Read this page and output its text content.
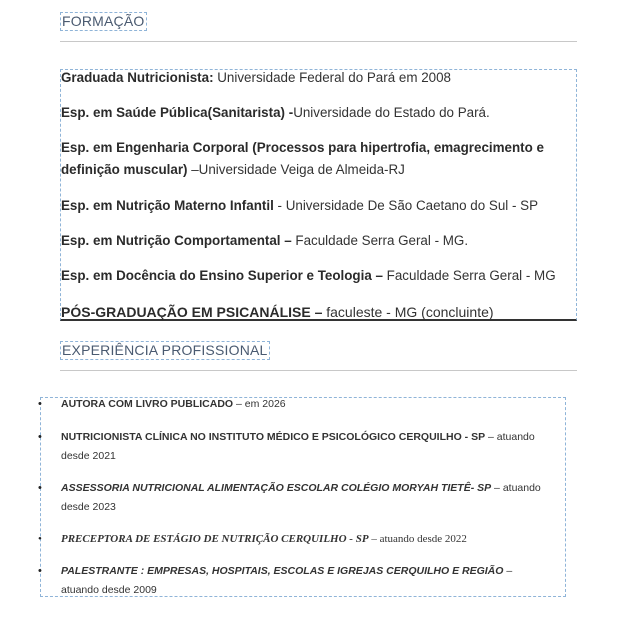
FORMAÇÃO
Graduada Nutricionista: Universidade Federal do Pará em 2008
Esp. em Saúde Pública(Sanitarista) -Universidade do Estado do Pará.
Esp. em Engenharia Corporal (Processos para hipertrofia, emagrecimento e definição muscular) –Universidade Veiga de Almeida-RJ
Esp. em Nutrição Materno Infantil - Universidade De São Caetano do Sul - SP
Esp. em Nutrição Comportamental – Faculdade Serra Geral - MG.
Esp. em Docência do Ensino Superior e Teologia – Faculdade Serra Geral - MG
PÓS-GRADUAÇÃO EM PSICANÁLISE – faculeste - MG (concluinte)
EXPERIÊNCIA PROFISSIONAL
• AUTORA COM LIVRO PUBLICADO – em 2026
• NUTRICIONISTA CLÍNICA NO INSTITUTO MÉDICO E PSICOLÓGICO CERQUILHO - SP – atuando desde 2021
• ASSESSORIA NUTRICIONAL ALIMENTAÇÃO ESCOLAR COLÉGIO MORYAH TIETÊ- SP – atuando desde 2023
• PRECEPTORA DE ESTÁGIO DE NUTRIÇÃO CERQUILHO - SP – atuando desde 2022
• PALESTRANTE : EMPRESAS, HOSPITAIS, ESCOLAS E IGREJAS CERQUILHO E REGIÃO – atuando desde 2009
